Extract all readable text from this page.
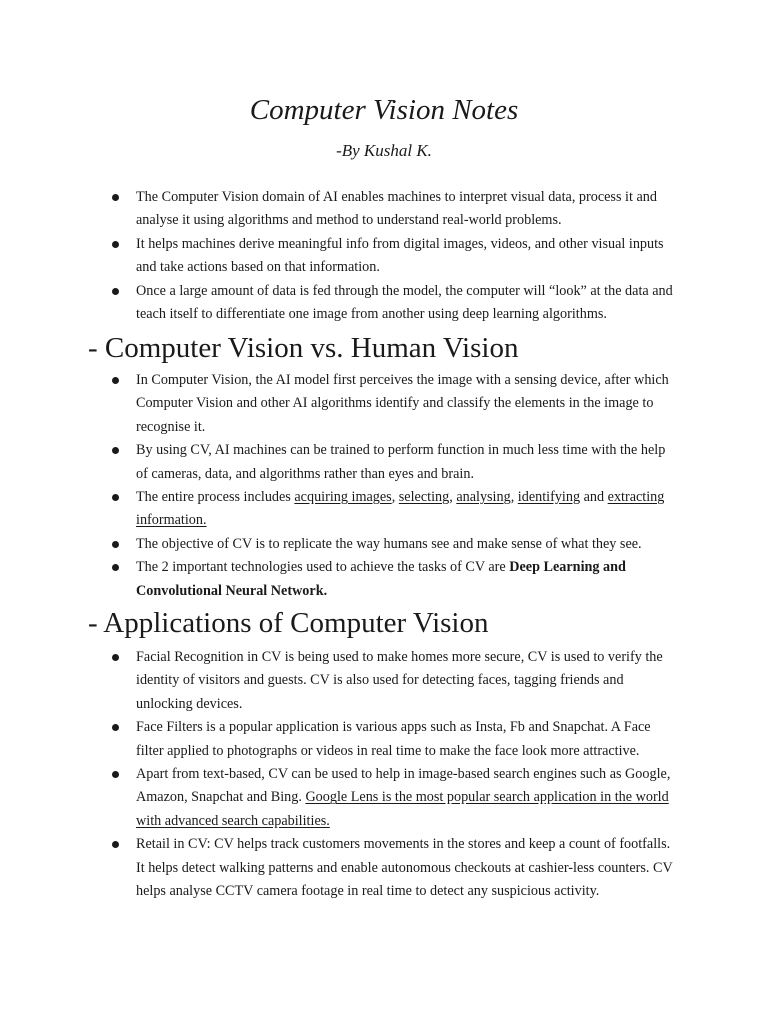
Computer Vision Notes

-By Kushal K.

The Computer Vision domain of AI enables machines to interpret visual data, process it and analyse it using algorithms and method to understand real-world problems.
It helps machines derive meaningful info from digital images, videos, and other visual inputs and take actions based on that information.
Once a large amount of data is fed through the model, the computer will “look” at the data and teach itself to differentiate one image from another using deep learning algorithms.
- Computer Vision vs. Human Vision
In Computer Vision, the AI model first perceives the image with a sensing device, after which Computer Vision and other AI algorithms identify and classify the elements in the image to recognise it.
By using CV, AI machines can be trained to perform function in much less time with the help of cameras, data, and algorithms rather than eyes and brain.
The entire process includes acquiring images, selecting, analysing, identifying and extracting information.
The objective of CV is to replicate the way humans see and make sense of what they see.
The 2 important technologies used to achieve the tasks of CV are Deep Learning and Convolutional Neural Network.
- Applications of Computer Vision
Facial Recognition in CV is being used to make homes more secure, CV is used to verify the identity of visitors and guests. CV is also used for detecting faces, tagging friends and unlocking devices.
Face Filters is a popular application is various apps such as Insta, Fb and Snapchat. A Face filter applied to photographs or videos in real time to make the face look more attractive.
Apart from text-based, CV can be used to help in image-based search engines such as Google, Amazon, Snapchat and Bing. Google Lens is the most popular search application in the world with advanced search capabilities.
Retail in CV: CV helps track customers movements in the stores and keep a count of footfalls. It helps detect walking patterns and enable autonomous checkouts at cashier-less counters. CV helps analyse CCTV camera footage in real time to detect any suspicious activity.
